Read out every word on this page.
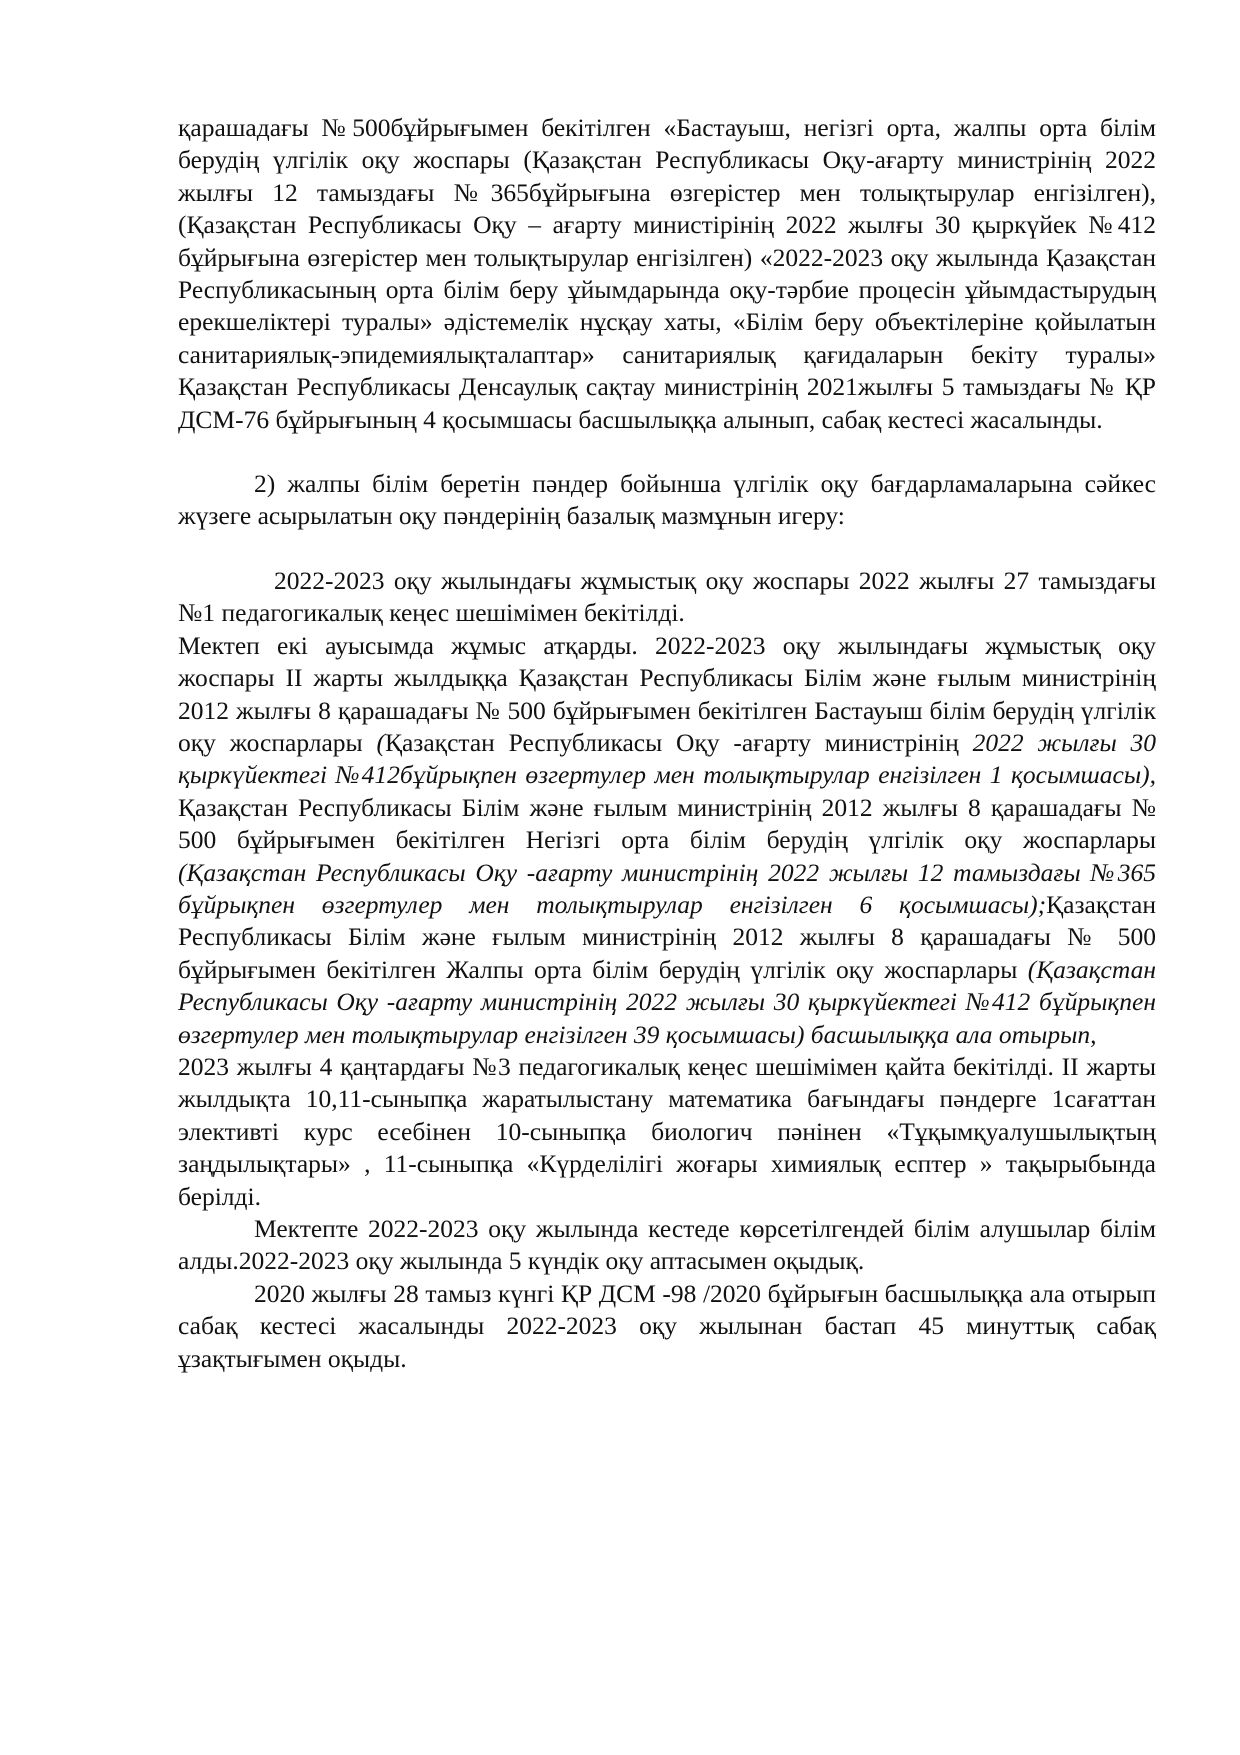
қарашадағы №500бұйрығымен бекітілген «Бастауыш, негізгі орта, жалпы орта білім берудің үлгілік оқу жоспары (Қазақстан Республикасы Оқу-ағарту министрінің 2022 жылғы 12 тамыздағы №365бұйрығына өзгерістер мен толықтырулар енгізілген), (Қазақстан Республикасы Оқу – ағарту министірінің 2022 жылғы 30 қыркүйек №412 бұйрығына өзгерістер мен толықтырулар енгізілген) «2022-2023 оқу жылында Қазақстан Республикасының орта білім беру ұйымдарында оқу-тәрбие процесін ұйымдастырудың ерекшеліктері туралы» әдістемелік нұсқау хаты, «Білім беру объектілеріне қойылатын санитариялық-эпидемиялықталаптар» санитариялық қағидаларын бекіту туралы» Қазақстан Республикасы Денсаулық сақтау министрінің 2021жылғы 5 тамыздағы № ҚР ДСМ-76 бұйрығының 4 қосымшасы басшылыққа алынып, сабақ кестесі жасалынды.

2) жалпы білім беретін пәндер бойынша үлгілік оқу бағдарламаларына сәйкес жүзеге асырылатын оқу пәндерінің базалық мазмұнын игеру:

2022-2023 оқу жылындағы жұмыстық оқу жоспары 2022 жылғы 27 тамыздағы №1 педагогикалық кеңес шешімімен бекітілді.

Мектеп екі ауысымда жұмыс атқарды. 2022-2023 оқу жылындағы жұмыстық оқу жоспары ІІ жарты жылдыққа Қазақстан Республикасы Білім және ғылым министрінің 2012 жылғы 8 қарашадағы № 500 бұйрығымен бекітілген Бастауыш білім берудің үлгілік оқу жоспарлары (Қазақстан Республикасы Оқу -ағарту министрінің 2022 жылғы 30 қыркүйектегі №412бұйрықпен өзгертулер мен толықтырулар енгізілген 1 қосымшасы), Қазақстан Республикасы Білім және ғылым министрінің 2012 жылғы 8 қарашадағы № 500 бұйрығымен бекітілген Негізгі орта білім берудің үлгілік оқу жоспарлары (Қазақстан Республикасы Оқу -ағарту министрінің 2022 жылғы 12 тамыздағы №365 бұйрықпен өзгертулер мен толықтырулар енгізілген 6 қосымшасы);Қазақстан Республикасы Білім және ғылым министрінің 2012 жылғы 8 қарашадағы № 500 бұйрығымен бекітілген Жалпы орта білім берудің үлгілік оқу жоспарлары (Қазақстан Республикасы Оқу -ағарту министрінің 2022 жылғы 30 қыркүйектегі №412 бұйрықпен өзгертулер мен толықтырулар енгізілген 39 қосымшасы) басшылыққа ала отырып,

2023 жылғы 4 қаңтардағы №3 педагогикалық кеңес шешімімен қайта бекітілді. ІІ жарты жылдықта 10,11-сыныпқа жаратылыстану математика бағындағы пәндерге 1сағаттан элективті курс есебінен 10-сыныпқа биологич пәнінен «Тұқымқуалушылықтың заңдылықтары» , 11-сыныпқа «Күрделілігі жоғары химиялық есптер » тақырыбында берілді.

Мектепте 2022-2023 оқу жылында кестеде көрсетілгендей білім алушылар білім алды.2022-2023 оқу жылында 5 күндік оқу аптасымен оқыдық.

2020 жылғы 28 тамыз күнгі ҚР ДСМ -98 /2020 бұйрығын басшылыққа ала отырып сабақ кестесі жасалынды 2022-2023 оқу жылынан бастап 45 минуттық сабақ ұзақтығымен оқыды.
